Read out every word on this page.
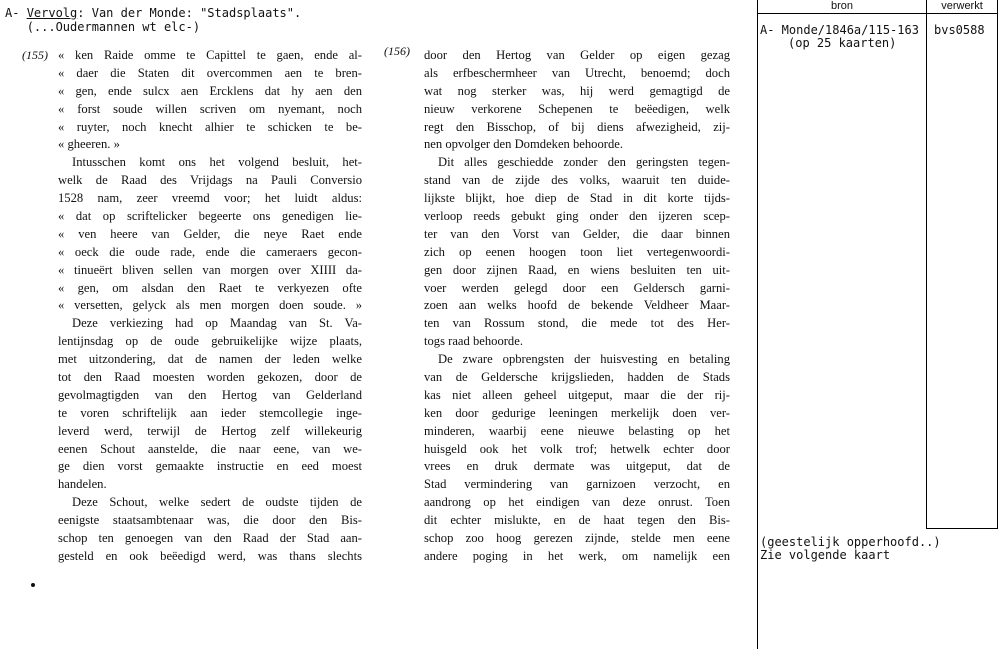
A- Vervolg: Van der Monde: "Stadsplaats".
(...Oudermannen wt elc-)
(155)	(156)
« ken Raide omme te Capittel te gaen, ende al-
« daer die Staten dit overcommen aen te bren-
« gen, ende sulcx aen Ercklens dat hy aen den
« forst soude willen scriven om nyemant, noch
« ruyter, noch knecht alhier te schicken te be-
« gheeren. »
Intusschen komt ons het volgend besluit, het-
welk de Raad des Vrijdags na Pauli Conversio
1528 nam, zeer vreemd voor; het luidt aldus:
« dat op scriftelicker begeerte ons genedigen lie-
« ven heere van Gelder, die neye Raet ende
« oeck die oude rade, ende die cameraers gecon-
« tinueërt bliven sellen van morgen over XIIII da-
« gen, om alsdan den Raet te verkyezen ofte
« versetten, gelyck als men morgen doen soude. »
Deze verkiezing had op Maandag van St. Va-
lentijnsdag op de oude gebruikelijke wijze plaats,
met uitzondering, dat de namen der leden welke
tot den Raad moesten worden gekozen, door de
gevolmagtigden van den Hertog van Gelderland
te voren schriftelijk aan ieder stemcollegie inge-
leverd werd, terwijl de Hertog zelf willekeurig
eenen Schout aanstelde, die naar eene, van we-
ge dien vorst gemaakte instructie en eed moest
handelen.
Deze Schout, welke sedert de oudste tijden de
eenigste staatsambtenaar was, die door den Bis-
schop ten genoegen van den Raad der Stad aan-
gesteld en ook beëedigd werd, was thans slechts
door den Hertog van Gelder op eigen gezag
als erfbeschermheer van Utrecht, benoemd; doch
wat nog sterker was, hij werd gemagtigd de
nieuw verkorene Schepenen te beëedigen, welk
regt den Bisschop, of bij diens afwezigheid, zij-
nen opvolger den Domdeken behoorde.
Dit alles geschiedde zonder den geringsten tegen-
stand van de zijde des volks, waaruit ten duide-
lijkste blijkt, hoe diep de Stad in dit korte tijds-
verloop reeds gebukt ging onder den ijzeren scep-
ter van den Vorst van Gelder, die daar binnen
zich op eenen hoogen toon liet vertegenwoordi-
gen door zijnen Raad, en wiens besluiten ten uit-
voer werden gelegd door een Geldersch garni-
zoen aan welks hoofd de bekende Veldheer Maar-
ten van Rossum stond, die mede tot des Her-
togs raad behoorde.
De zware opbrengsten der huisvesting en betaling
van de Geldersche krijgslieden, hadden de Stads
kas niet alleen geheel uitgeput, maar die der rij-
ken door gedurige leeningen merkelijk doen ver-
minderen, waarbij eene nieuwe belasting op het
huisgeld ook het volk trof; hetwelk echter door
vrees en druk dermate was uitgeput, dat de
Stad vermindering van garnizoen verzocht, en
aandrong op het eindigen van deze onrust. Toen
dit echter mislukte, en de haat tegen den Bis-
schop zoo hoog gerezen zijnde, stelde men eene
andere poging in het werk, om namelijk een
bron	verwerkt
A- Monde/1846a/115-163
(op 25 kaarten)
bvs0588
(geestelijk opperhoofd..)
Zie volgende kaart
